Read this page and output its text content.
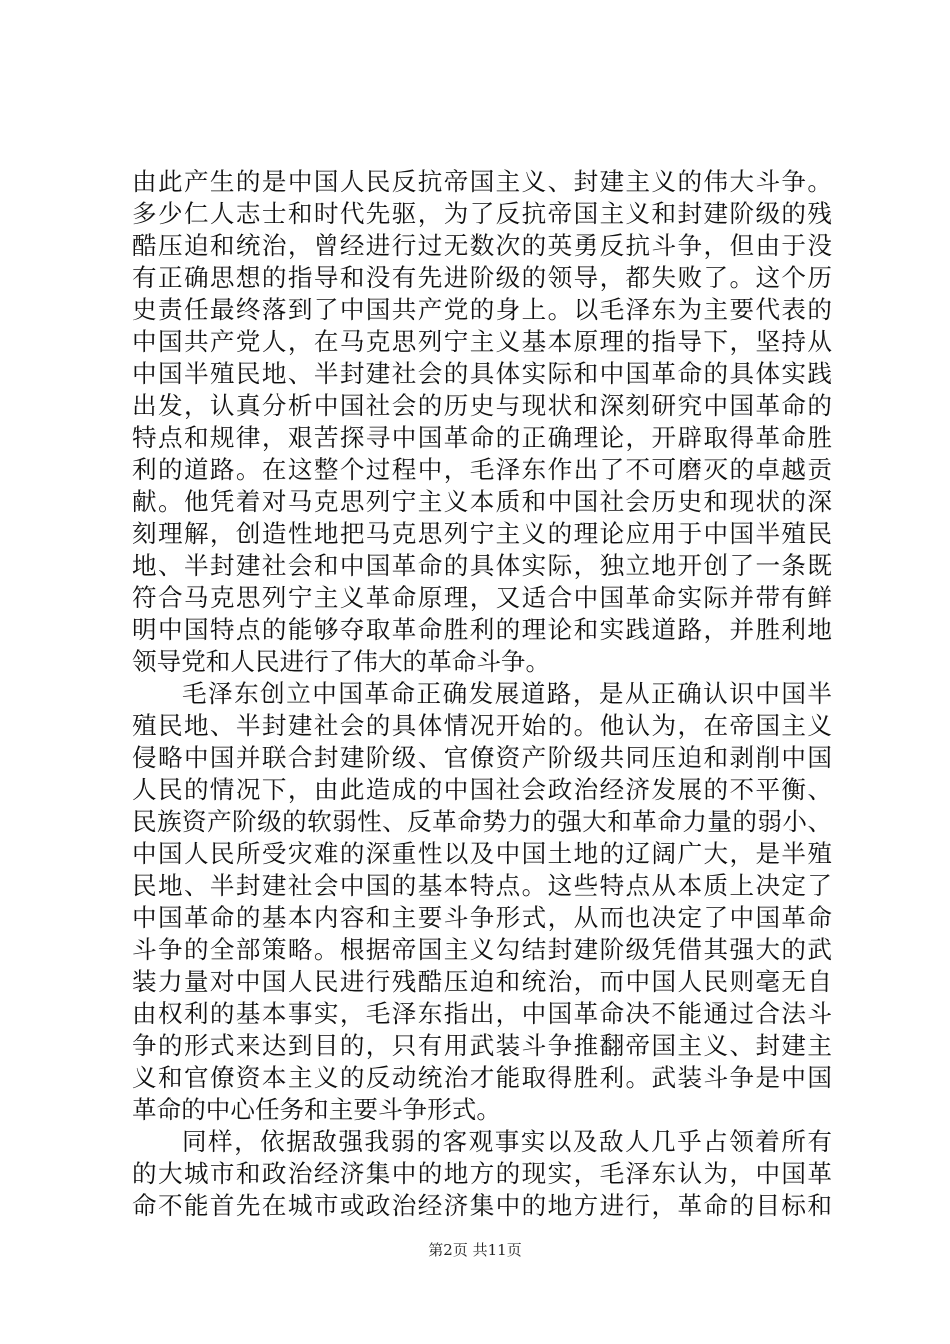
由此产生的是中国人民反抗帝国主义、封建主义的伟大斗争。
多少仁人志士和时代先驱，为了反抗帝国主义和封建阶级的残
酷压迫和统治，曾经进行过无数次的英勇反抗斗争，但由于没
有正确思想的指导和没有先进阶级的领导，都失败了。这个历
史责任最终落到了中国共产党的身上。以毛泽东为主要代表的
中国共产党人，在马克思列宁主义基本原理的指导下，坚持从
中国半殖民地、半封建社会的具体实际和中国革命的具体实践
出发，认真分析中国社会的历史与现状和深刻研究中国革命的
特点和规律，艰苦探寻中国革命的正确理论，开辟取得革命胜
利的道路。在这整个过程中，毛泽东作出了不可磨灭的卓越贡
献。他凭着对马克思列宁主义本质和中国社会历史和现状的深
刻理解，创造性地把马克思列宁主义的理论应用于中国半殖民
地、半封建社会和中国革命的具体实际，独立地开创了一条既
符合马克思列宁主义革命原理，又适合中国革命实际并带有鲜
明中国特点的能够夺取革命胜利的理论和实践道路，并胜利地
领导党和人民进行了伟大的革命斗争。
毛泽东创立中国革命正确发展道路，是从正确认识中国半
殖民地、半封建社会的具体情况开始的。他认为，在帝国主义
侵略中国并联合封建阶级、官僚资产阶级共同压迫和剥削中国
人民的情况下，由此造成的中国社会政治经济发展的不平衡、
民族资产阶级的软弱性、反革命势力的强大和革命力量的弱小、
中国人民所受灾难的深重性以及中国土地的辽阔广大，是半殖
民地、半封建社会中国的基本特点。这些特点从本质上决定了
中国革命的基本内容和主要斗争形式，从而也决定了中国革命
斗争的全部策略。根据帝国主义勾结封建阶级凭借其强大的武
装力量对中国人民进行残酷压迫和统治，而中国人民则毫无自
由权利的基本事实，毛泽东指出，中国革命决不能通过合法斗
争的形式来达到目的，只有用武装斗争推翻帝国主义、封建主
义和官僚资本主义的反动统治才能取得胜利。武装斗争是中国
革命的中心任务和主要斗争形式。
同样，依据敌强我弱的客观事实以及敌人几乎占领着所有
的大城市和政治经济集中的地方的现实，毛泽东认为，中国革
命不能首先在城市或政治经济集中的地方进行，革命的目标和
第2页 共11页
